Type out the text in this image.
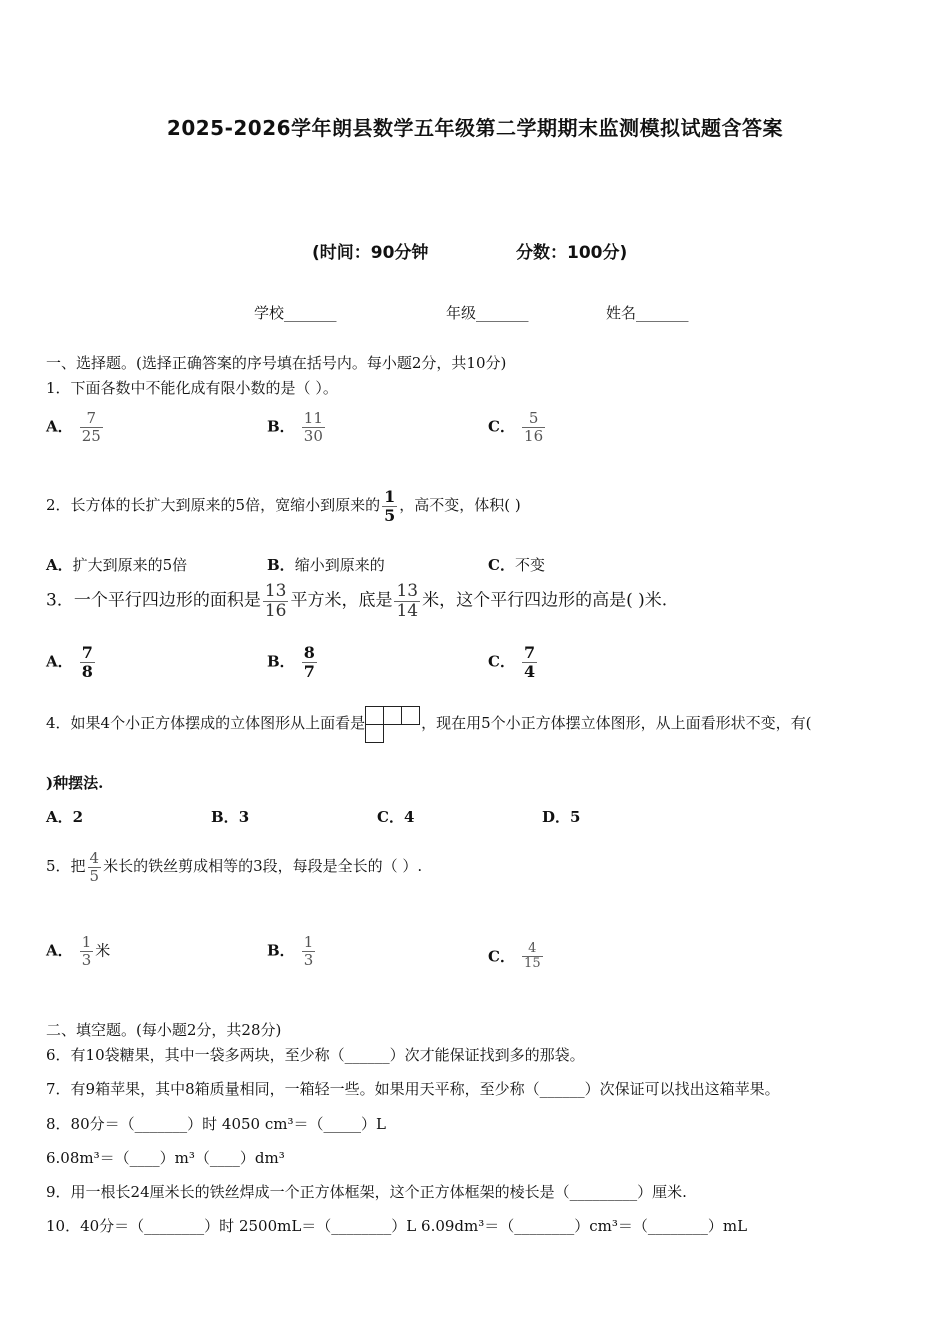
2025-2026学年朗县数学五年级第二学期期末监测模拟试题含答案
(时间：90分钟	分数：100分)
学校_______	年级_______	姓名_______
一、选择题。(选择正确答案的序号填在括号内。每小题2分，共10分)
1．下面各数中不能化成有限小数的是（ ）。
A． $\frac{7}{25}$	B． $\frac{11}{30}$	C． $\frac{5}{16}$
2．长方体的长扩大到原来的5倍，宽缩小到原来的 $\frac{1}{5}$ ，高不变，体积( )
A．扩大到原来的5倍	B．缩小到原来的	C．不变
3．一个平行四边形的面积是 $\frac{13}{16}$ 平方米，底是 $\frac{13}{14}$ 米，这个平行四边形的高是( )米.
A． $\frac{7}{8}$	B． $\frac{8}{7}$	C． $\frac{7}{4}$
4．如果4个小正方体摆成的立体图形从上面看是	，现在用5个小正方体摆立体图形，从上面看形状不变，有(
)种摆法.
A．2	B．3	C．4	D．5
5．把 $\frac{4}{5}$ 米长的铁丝剪成相等的3段，每段是全长的（ ）.
A． $\frac{1}{3}$ 米	B． $\frac{1}{3}$	C． $\frac{4}{15}$
二、填空题。(每小题2分，共28分)
6．有10袋糖果，其中一袋多两块，至少称（______）次才能保证找到多的那袋。
7．有9箱苹果，其中8箱质量相同，一箱轻一些。如果用天平称，至少称（______）次保证可以找出这箱苹果。
8．80分＝（_______）时 4050 cm³＝（_____）L
6.08m³＝（____）m³（____）dm³
9．用一根长24厘米长的铁丝焊成一个正方体框架，这个正方体框架的棱长是（_________）厘米.
10．40分＝（________）时 2500mL＝（________）L 6.09dm³＝（________）cm³＝（________）mL
